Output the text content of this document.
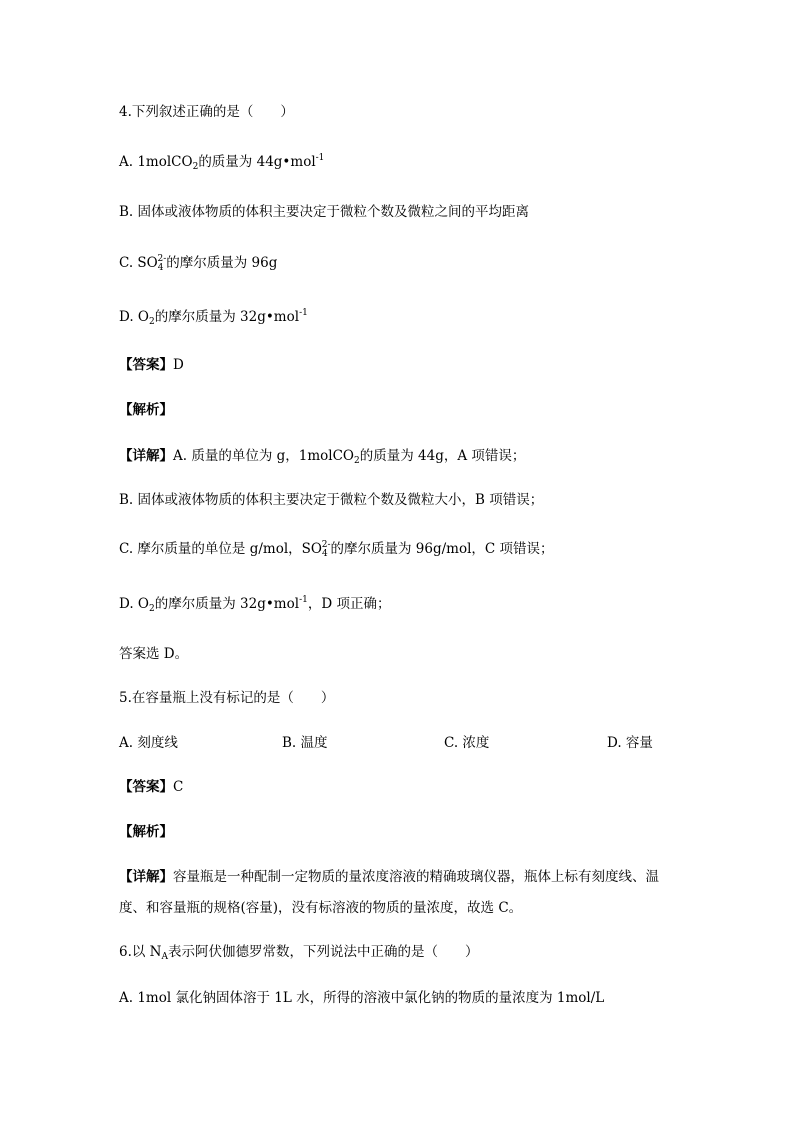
4.下列叙述正确的是（　　）
A. 1molCO$_2$的质量为 44g•mol$^{-1}$
B. 固体或液体物质的体积主要决定于微粒个数及微粒之间的平均距离
C. $SO_4^{2-}$的摩尔质量为 96g
D. $O_2$的摩尔质量为 32g•mol$^{-1}$
【答案】D
【解析】
【详解】A. 质量的单位为 g，1molCO$_2$的质量为 44g，A 项错误；
B. 固体或液体物质的体积主要决定于微粒个数及微粒大小，B 项错误；
C. 摩尔质量的单位是 g/mol，$SO_4^{2-}$的摩尔质量为 96g/mol，C 项错误；
D. $O_2$的摩尔质量为 32g•mol$^{-1}$，D 项正确；
答案选 D。
5.在容量瓶上没有标记的是（　　）
A. 刻度线	B. 温度	C. 浓度	D. 容量
【答案】C
【解析】
【详解】容量瓶是一种配制一定物质的量浓度溶液的精确玻璃仪器，瓶体上标有刻度线、温
度、和容量瓶的规格(容量)，没有标溶液的物质的量浓度，故选 C。
6.以 $N_A$表示阿伏伽德罗常数，下列说法中正确的是（　　）
A. 1mol 氯化钠固体溶于 1L 水，所得的溶液中氯化钠的物质的量浓度为 1mol/L
